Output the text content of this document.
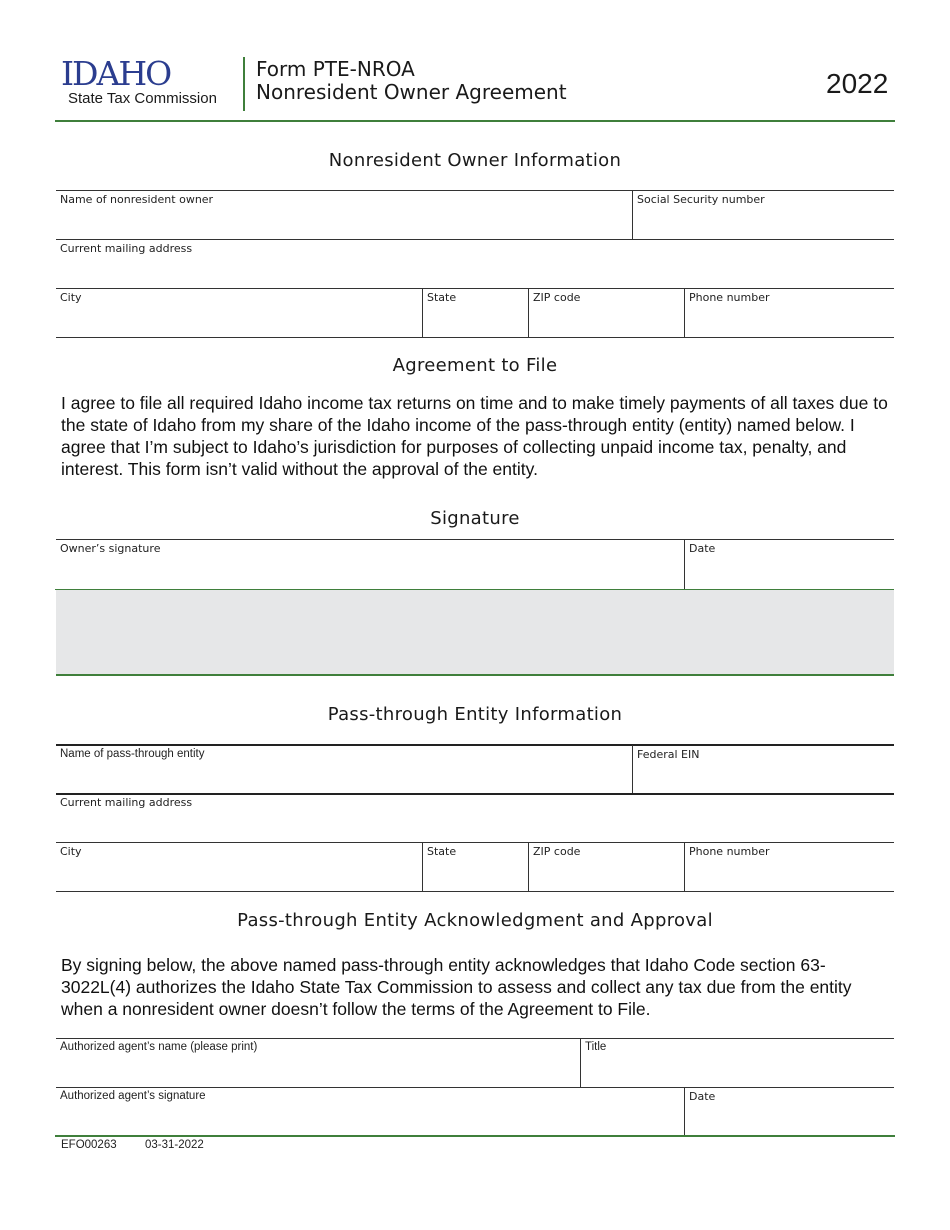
IDAHO
State Tax Commission
Form PTE-NROA
Nonresident Owner Agreement	2022
Nonresident Owner Information
Name of nonresident owner	Social Security number
Current mailing address
City	State	ZIP code	Phone number
Agreement to File
I agree to file all required Idaho income tax returns on time and to make timely payments of all taxes due to the state of Idaho from my share of the Idaho income of the pass-through entity (entity) named below. I agree that I’m subject to Idaho’s jurisdiction for purposes of collecting unpaid income tax, penalty, and interest. This form isn’t valid without the approval of the entity.
Signature
Owner’s signature	Date
Pass-through Entity Information
Name of pass-through entity	Federal EIN
Current mailing address
City	State	ZIP code	Phone number
Pass-through Entity Acknowledgment and Approval
By signing below, the above named pass-through entity acknowledges that Idaho Code section 63-3022L(4) authorizes the Idaho State Tax Commission to assess and collect any tax due from the entity when a nonresident owner doesn’t follow the terms of the Agreement to File.
Authorized agent’s name (please print)	Title
Authorized agent’s signature	Date
EFO00263 03-31-2022
